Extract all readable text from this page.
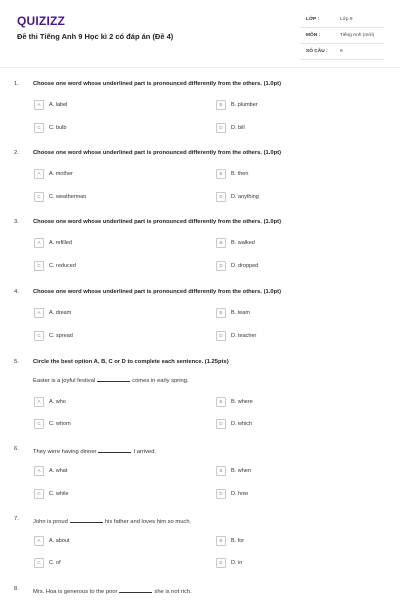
QUIZIZZ
Đề thi Tiếng Anh 9 Học kì 2 có đáp án (Đề 4)
LỚP :	Lớp 9
MÔN :	Tiếng Anh (mới)
SỐ CÂU :	9
1. Choose one word whose underlined part is pronounced differently from the others. (1.0pt)
A	A. label	B	B. plumber
C	C. bulb	D	D. bill
2. Choose one word whose underlined part is pronounced differently from the others. (1.0pt)
A	A. mother	B	B. then
C	C. weatherman	D	D. anything
3. Choose one word whose underlined part is pronounced differently from the others. (1.0pt)
A	A. refilled	B	B. walked
C	C. reduced	D	D. dropped
4. Choose one word whose underlined part is pronounced differently from the others. (1.0pt)
A	A. dream	B	B. team
C	C. spread	D	D. teacher
5. Circle the best option A, B, C or D to complete each sentence. (1.25pts)
Easter is a joyful festival	comes in early spring.
A	A. who	B	B. where
C	C. whom	D	D. which
6. They were having dinner	I arrived.
A	A. what	B	B. when
C	C. while	D	D. how
7. John is proud	his father and loves him so much.
A	A. about	B	B. for
C	C. of	D	D. in
8. Mrs. Hoa is generous to the poor	she is not rich.
